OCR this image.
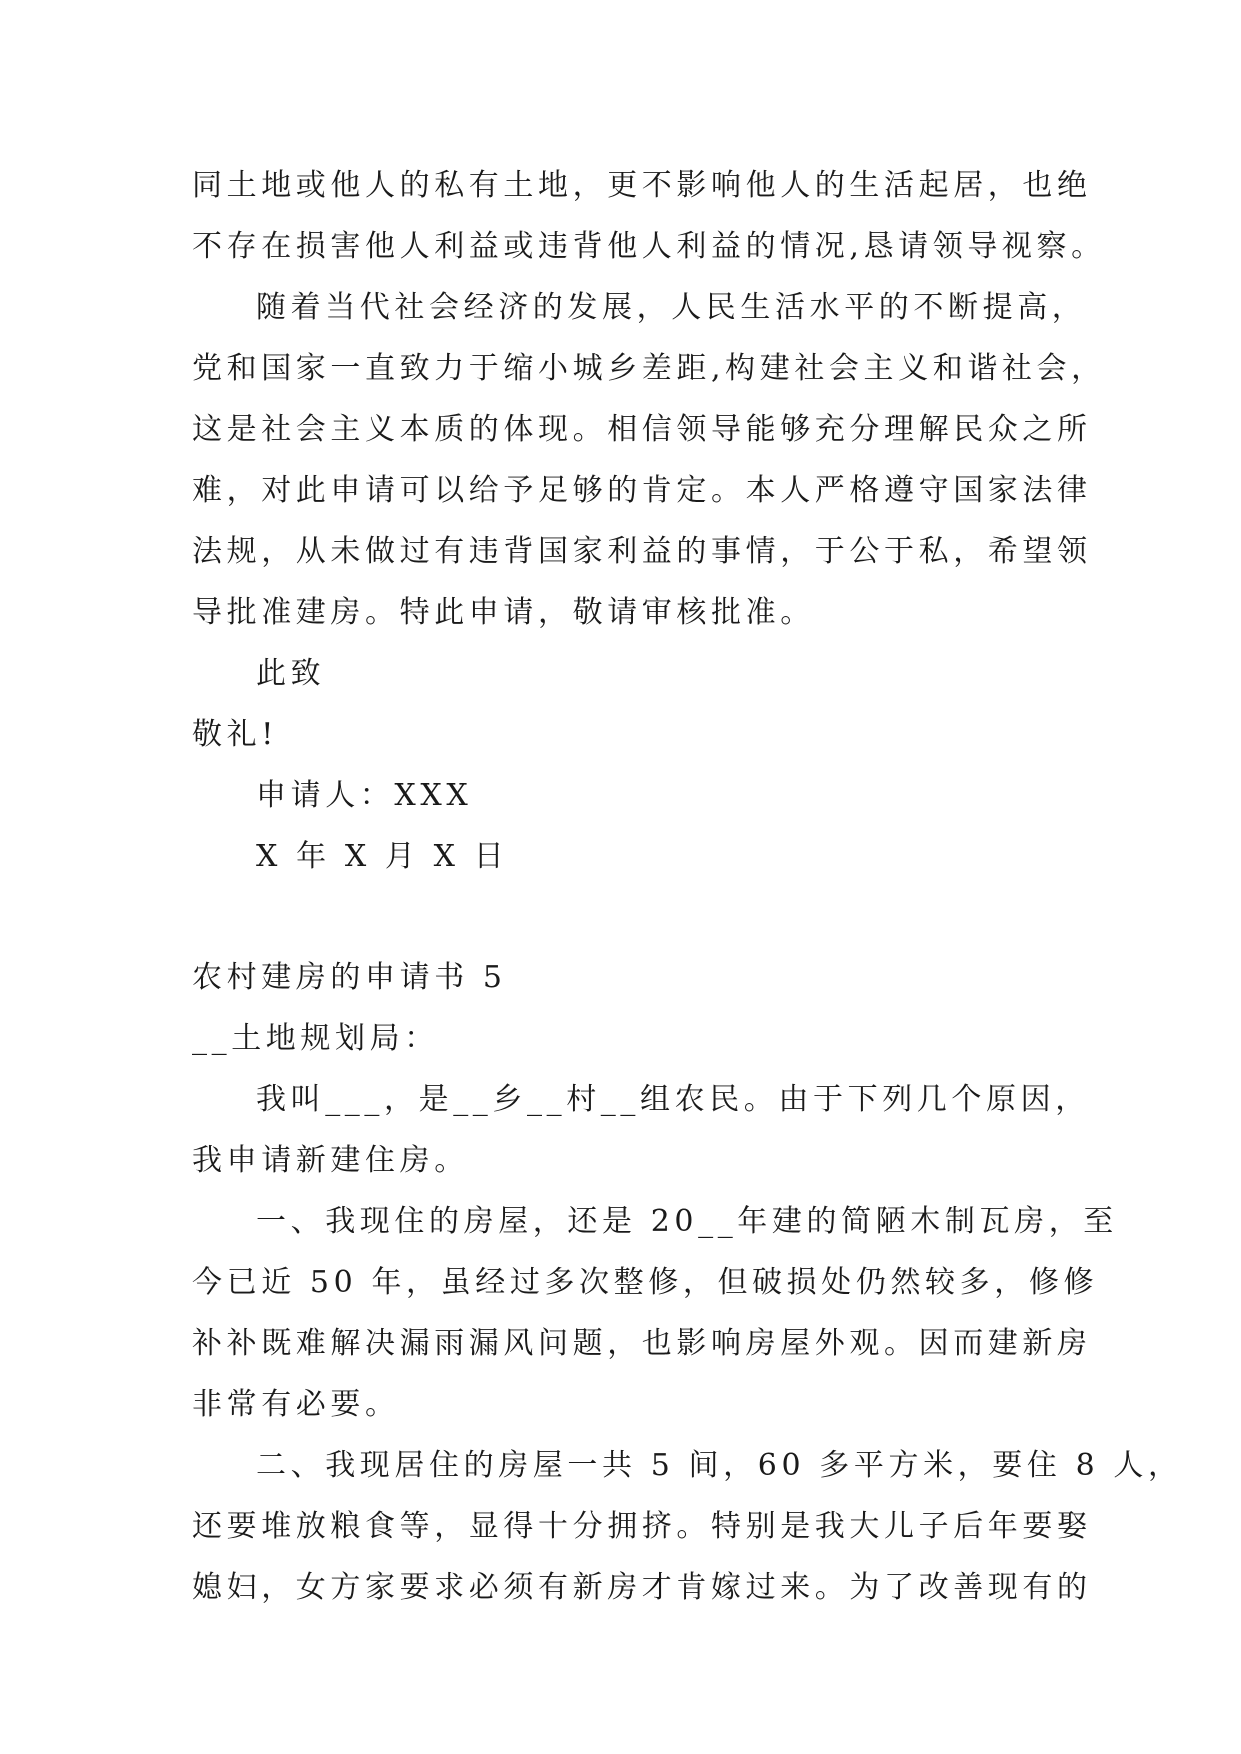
同土地或他人的私有土地，更不影响他人的生活起居，也绝

不存在损害他人利益或违背他人利益的情况,恳请领导视察。

随着当代社会经济的发展，人民生活水平的不断提高，

党和国家一直致力于缩小城乡差距,构建社会主义和谐社会，

这是社会主义本质的体现。相信领导能够充分理解民众之所

难，对此申请可以给予足够的肯定。本人严格遵守国家法律

法规，从未做过有违背国家利益的事情，于公于私，希望领

导批准建房。特此申请，敬请审核批准。

此致

敬礼!

申请人：XXX

X 年 X 月 X 日

农村建房的申请书 5

__土地规划局：

我叫___，是__乡__村__组农民。由于下列几个原因，

我申请新建住房。

一、我现住的房屋，还是 20__年建的简陋木制瓦房，至

今已近 50 年，虽经过多次整修，但破损处仍然较多，修修

补补既难解决漏雨漏风问题，也影响房屋外观。因而建新房

非常有必要。

二、我现居住的房屋一共 5 间，60 多平方米，要住 8 人，

还要堆放粮食等，显得十分拥挤。特别是我大儿子后年要娶

媳妇，女方家要求必须有新房才肯嫁过来。为了改善现有的
